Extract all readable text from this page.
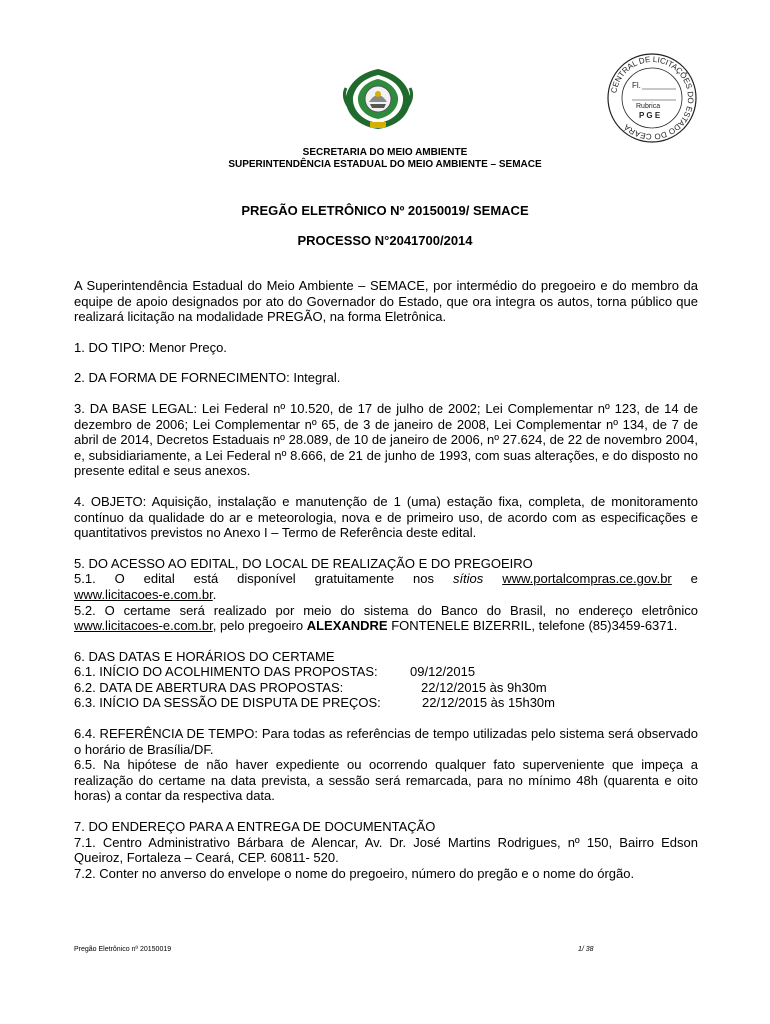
CENTRAL DE LICITAÇÕES DO ESTADO DO CEARÁ
Fl.
Rubrica
P G E
SECRETARIA DO MEIO AMBIENTE
SUPERINTENDÊNCIA ESTADUAL DO MEIO AMBIENTE – SEMACE
PREGÃO ELETRÔNICO Nº 20150019/ SEMACE
PROCESSO N°2041700/2014

A Superintendência Estadual do Meio Ambiente – SEMACE, por intermédio do pregoeiro e do membro da equipe de apoio designados por ato do Governador do Estado, que ora integra os autos, torna público que realizará licitação na modalidade PREGÃO, na forma Eletrônica.

1. DO TIPO: Menor Preço.

2. DA FORMA DE FORNECIMENTO: Integral.

3. DA BASE LEGAL: Lei Federal nº 10.520, de 17 de julho de 2002; Lei Complementar nº 123, de 14 de dezembro de 2006; Lei Complementar nº 65, de 3 de janeiro de 2008, Lei Complementar nº 134, de 7 de abril de 2014, Decretos Estaduais nº 28.089, de 10 de janeiro de 2006, nº 27.624, de 22 de novembro 2004, e, subsidiariamente, a Lei Federal nº 8.666, de 21 de junho de 1993, com suas alterações, e do disposto no presente edital e seus anexos.

4. OBJETO: Aquisição, instalação e manutenção de 1 (uma) estação fixa, completa, de monitoramento contínuo da qualidade do ar e meteorologia, nova e de primeiro uso, de acordo com as especificações e quantitativos previstos no Anexo I – Termo de Referência deste edital.

5. DO ACESSO AO EDITAL, DO LOCAL DE REALIZAÇÃO E DO PREGOEIRO

5.1. O edital está disponível gratuitamente nos sítios www.portalcompras.ce.gov.br e

www.licitacoes-e.com.br.

5.2. O certame será realizado por meio do sistema do Banco do Brasil, no endereço eletrônico www.licitacoes-e.com.br, pelo pregoeiro ALEXANDRE FONTENELE BIZERRIL, telefone (85)3459-6371.

6. DAS DATAS E HORÁRIOS DO CERTAME

6.1. INÍCIO DO ACOLHIMENTO DAS PROPOSTAS:	09/12/2015
6.2. DATA DE ABERTURA DAS PROPOSTAS:	22/12/2015 às 9h30m
6.3. INÍCIO DA SESSÃO DE DISPUTA DE PREÇOS:	22/12/2015 às 15h30m

6.4. REFERÊNCIA DE TEMPO: Para todas as referências de tempo utilizadas pelo sistema será observado o horário de Brasília/DF.

6.5. Na hipótese de não haver expediente ou ocorrendo qualquer fato superveniente que impeça a realização do certame na data prevista, a sessão será remarcada, para no mínimo 48h (quarenta e oito horas) a contar da respectiva data.

7. DO ENDEREÇO PARA A ENTREGA DE DOCUMENTAÇÃO

7.1. Centro Administrativo Bárbara de Alencar, Av. Dr. José Martins Rodrigues, nº 150, Bairro Edson Queiroz, Fortaleza – Ceará, CEP. 60811- 520.

7.2. Conter no anverso do envelope o nome do pregoeiro, número do pregão e o nome do órgão.

Pregão Eletrônico nº 20150019	1/ 38
